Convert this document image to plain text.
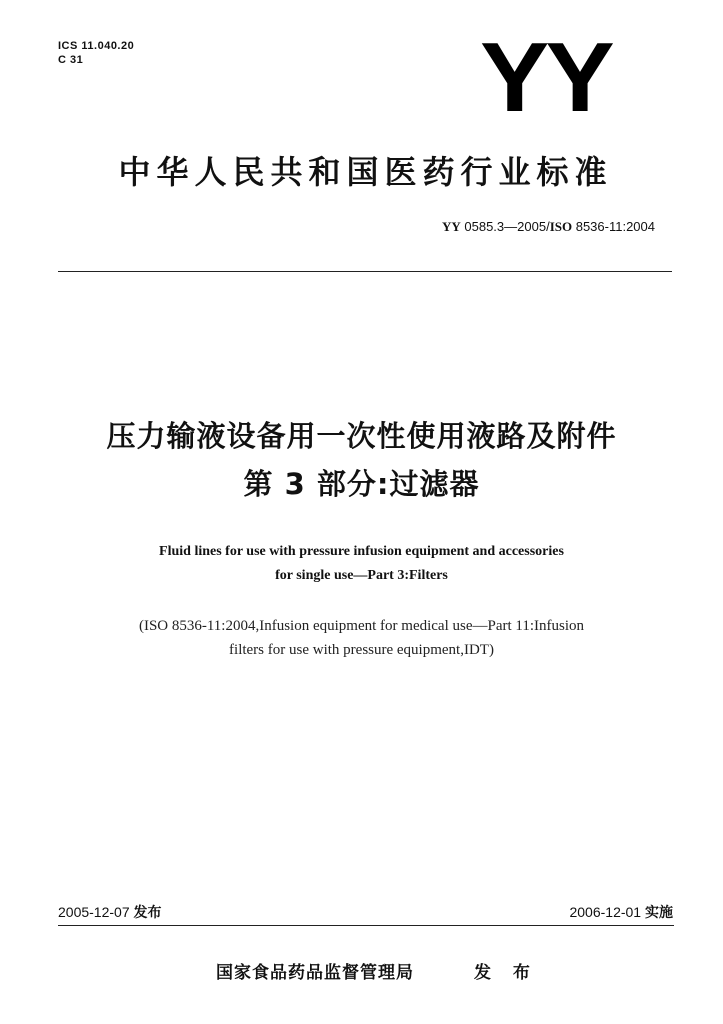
ICS 11.040.20
C 31	YY
中华人民共和国医药行业标准
YY 0585.3—2005/ISO 8536-11:2004
压力输液设备用一次性使用液路及附件
第 3 部分:过滤器
Fluid lines for use with pressure infusion equipment and accessories
for single use—Part 3:Filters
(ISO 8536-11:2004,Infusion equipment for medical use—Part 11:Infusion
filters for use with pressure equipment,IDT)
2005-12-07 发布	2006-12-01 实施
国家食品药品监督管理局	发 布
